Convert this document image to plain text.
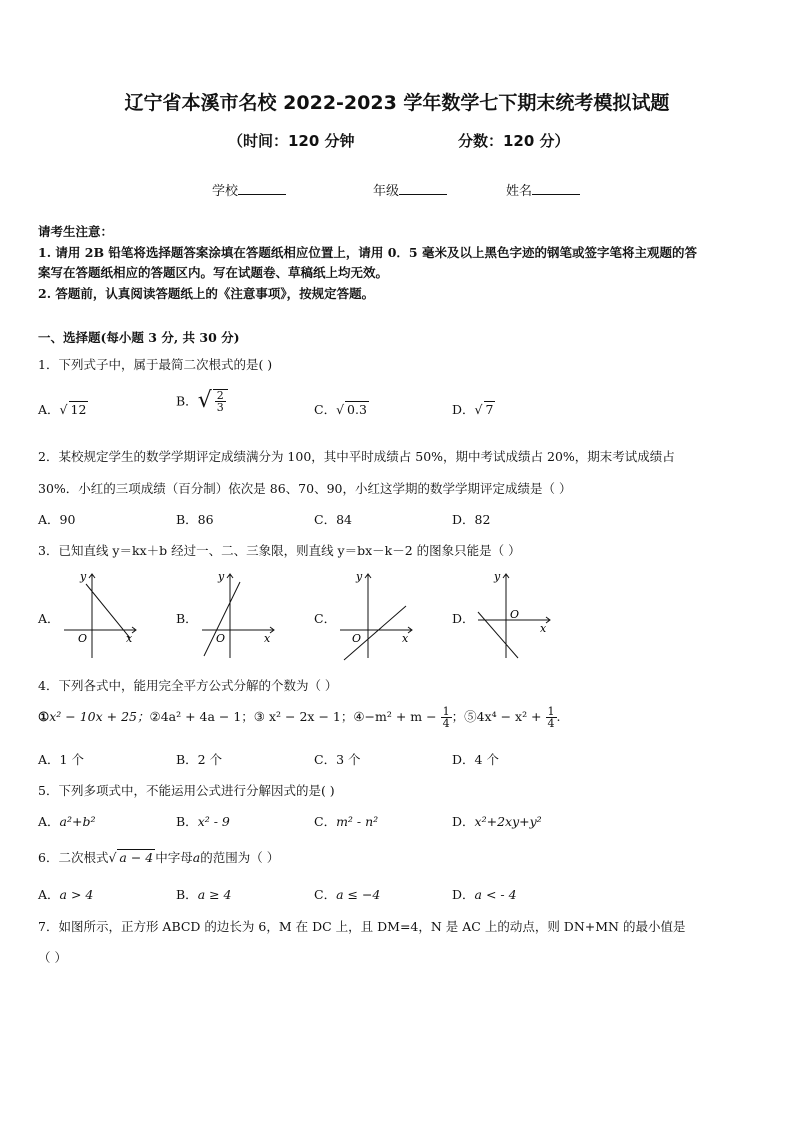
辽宁省本溪市名校 2022-2023 学年数学七下期末统考模拟试题
（时间：120 分钟	分数：120 分）
学校	年级	姓名
请考生注意：
1. 请用 2B 铅笔将选择题答案涂填在答题纸相应位置上，请用 0．5 毫米及以上黑色字迹的钢笔或签字笔将主观题的答
案写在答题纸相应的答题区内。写在试题卷、草稿纸上均无效。
2. 答题前，认真阅读答题纸上的《注意事项》，按规定答题。
一、选择题(每小题 3 分, 共 30 分)
1．下列式子中，属于最简二次根式的是( )
A．√ 12
B．√ $\frac{2}{3}$	C．√ 0.3	D．√ 7
2．某校规定学生的数学学期评定成绩满分为 100，其中平时成绩占 50%，期中考试成绩占 20%，期末考试成绩占
30%．小红的三项成绩（百分制）依次是 86、70、90，小红这学期的数学学期评定成绩是（ ）
A．90	B．86	C．84	D．82
3．已知直线 y＝kx＋b 经过一、二、三象限，则直线 y＝bx－k－2 的图象只能是（ ）
A．	B．	C．	D．
y
O	x
y
O	x
y
O	x
y
O
x
4．下列各式中，能用完全平方公式分解的个数为（ ）
①x² − 10x + 25；②4a² + 4a − 1；③ x² − 2x − 1；④−m² + $m - \frac{1}{4}$ ；⑤4x⁴ − $x^2 + \frac{1}{4}$ .
A．1 个	B．2 个	C．3 个	D．4 个
5．下列多项式中，不能运用公式进行分解因式的是( )
A．a²+b²	B．x² - 9	C．m² - n²	D．x²+2xy+y²
6．二次根式√ a − 4 中字母a的范围为（ ）
A．a > 4	B．a ≥ 4	C．a ≤ −4	D．a < - 4
7．如图所示，正方形 ABCD 的边长为 6，M 在 DC 上，且 DM=4，N 是 AC 上的动点，则 DN+MN 的最小值是
（ ）
